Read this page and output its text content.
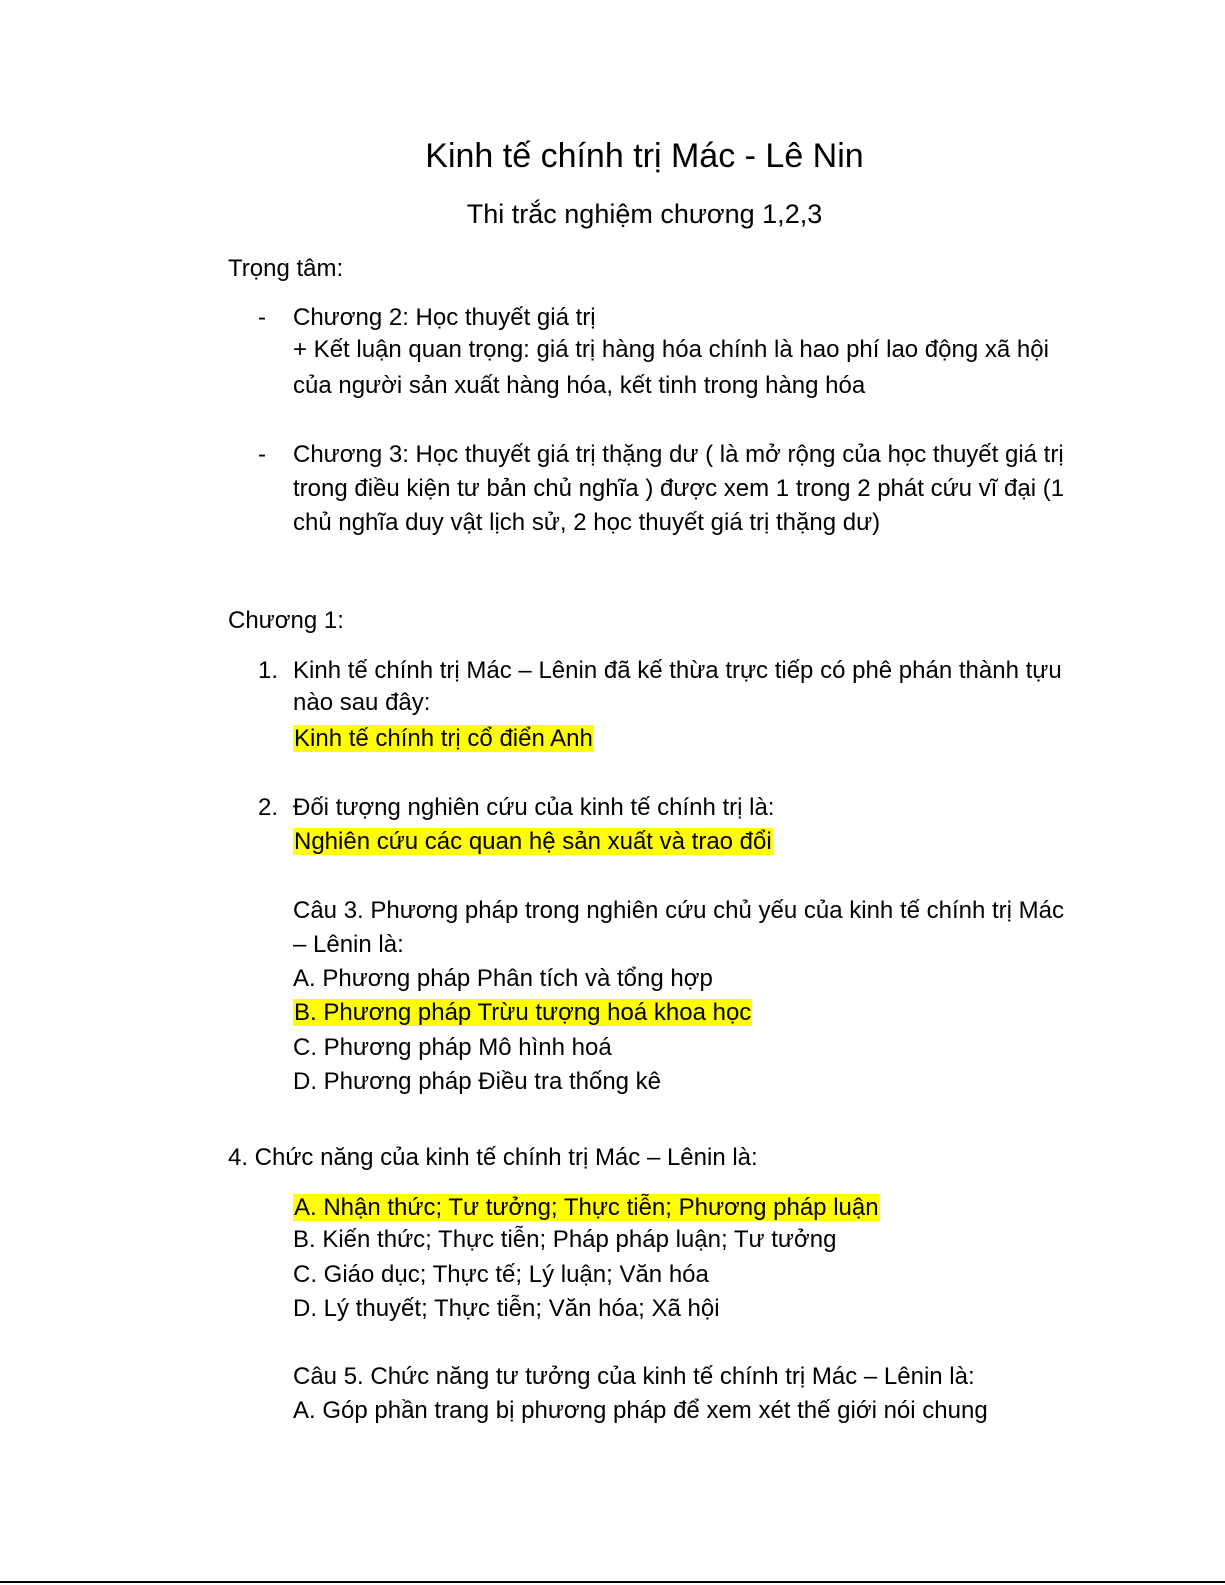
Kinh tế chính trị Mác - Lê Nin
Thi trắc nghiệm chương 1,2,3
Trọng tâm:
- Chương 2: Học thuyết giá trị
+ Kết luận quan trọng: giá trị hàng hóa chính là hao phí lao động xã hội
của người sản xuất hàng hóa, kết tinh trong hàng hóa
- Chương 3: Học thuyết giá trị thặng dư ( là mở rộng của học thuyết giá trị
trong điều kiện tư bản chủ nghĩa ) được xem 1 trong 2 phát cứu vĩ đại (1
chủ nghĩa duy vật lịch sử, 2 học thuyết giá trị thặng dư)
Chương 1:
1. Kinh tế chính trị Mác – Lênin đã kế thừa trực tiếp có phê phán thành tựu
nào sau đây:
Kinh tế chính trị cổ điển Anh
2. Đối tượng nghiên cứu của kinh tế chính trị là:
Nghiên cứu các quan hệ sản xuất và trao đổi
Câu 3. Phương pháp trong nghiên cứu chủ yếu của kinh tế chính trị Mác
– Lênin là:
A. Phương pháp Phân tích và tổng hợp
B. Phương pháp Trừu tượng hoá khoa học
C. Phương pháp Mô hình hoá
D. Phương pháp Điều tra thống kê
4. Chức năng của kinh tế chính trị Mác – Lênin là:
A. Nhận thức; Tư tưởng; Thực tiễn; Phương pháp luận
B. Kiến thức; Thực tiễn; Pháp pháp luận; Tư tưởng
C. Giáo dục; Thực tế; Lý luận; Văn hóa
D. Lý thuyết; Thực tiễn; Văn hóa; Xã hội
Câu 5. Chức năng tư tưởng của kinh tế chính trị Mác – Lênin là:
A. Góp phần trang bị phương pháp để xem xét thế giới nói chung
